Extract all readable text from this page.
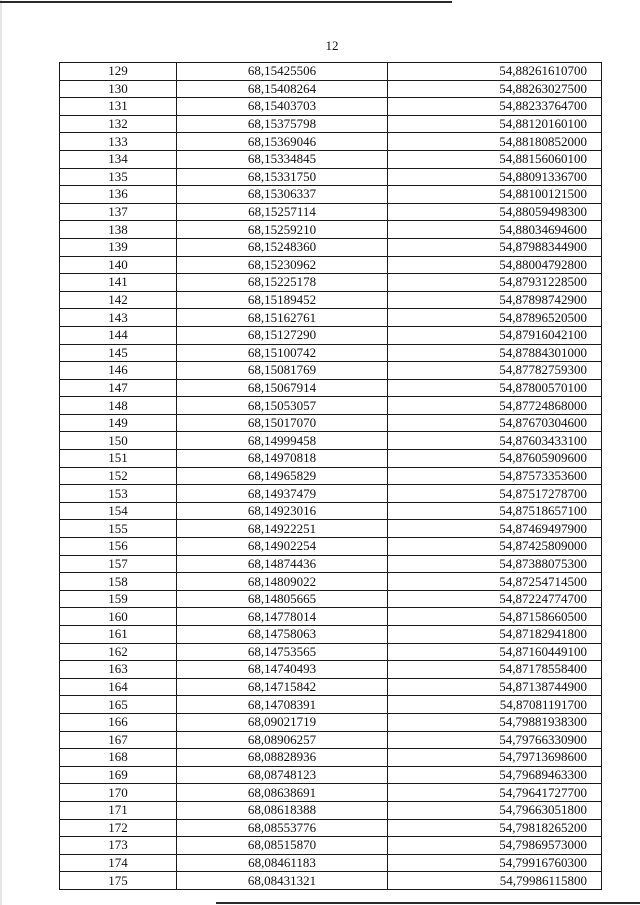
12
129	68,15425506	54,88261610700
130	68,15408264	54,88263027500
131	68,15403703	54,88233764700
132	68,15375798	54,88120160100
133	68,15369046	54,88180852000
134	68,15334845	54,88156060100
135	68,15331750	54,88091336700
136	68,15306337	54,88100121500
137	68,15257114	54,88059498300
138	68,15259210	54,88034694600
139	68,15248360	54,87988344900
140	68,15230962	54,88004792800
141	68,15225178	54,87931228500
142	68,15189452	54,87898742900
143	68,15162761	54,87896520500
144	68,15127290	54,87916042100
145	68,15100742	54,87884301000
146	68,15081769	54,87782759300
147	68,15067914	54,87800570100
148	68,15053057	54,87724868000
149	68,15017070	54,87670304600
150	68,14999458	54,87603433100
151	68,14970818	54,87605909600
152	68,14965829	54,87573353600
153	68,14937479	54,87517278700
154	68,14923016	54,87518657100
155	68,14922251	54,87469497900
156	68,14902254	54,87425809000
157	68,14874436	54,87388075300
158	68,14809022	54,87254714500
159	68,14805665	54,87224774700
160	68,14778014	54,87158660500
161	68,14758063	54,87182941800
162	68,14753565	54,87160449100
163	68,14740493	54,87178558400
164	68,14715842	54,87138744900
165	68,14708391	54,87081191700
166	68,09021719	54,79881938300
167	68,08906257	54,79766330900
168	68,08828936	54,79713698600
169	68,08748123	54,79689463300
170	68,08638691	54,79641727700
171	68,08618388	54,79663051800
172	68,08553776	54,79818265200
173	68,08515870	54,79869573000
174	68,08461183	54,79916760300
175	68,08431321	54,79986115800
